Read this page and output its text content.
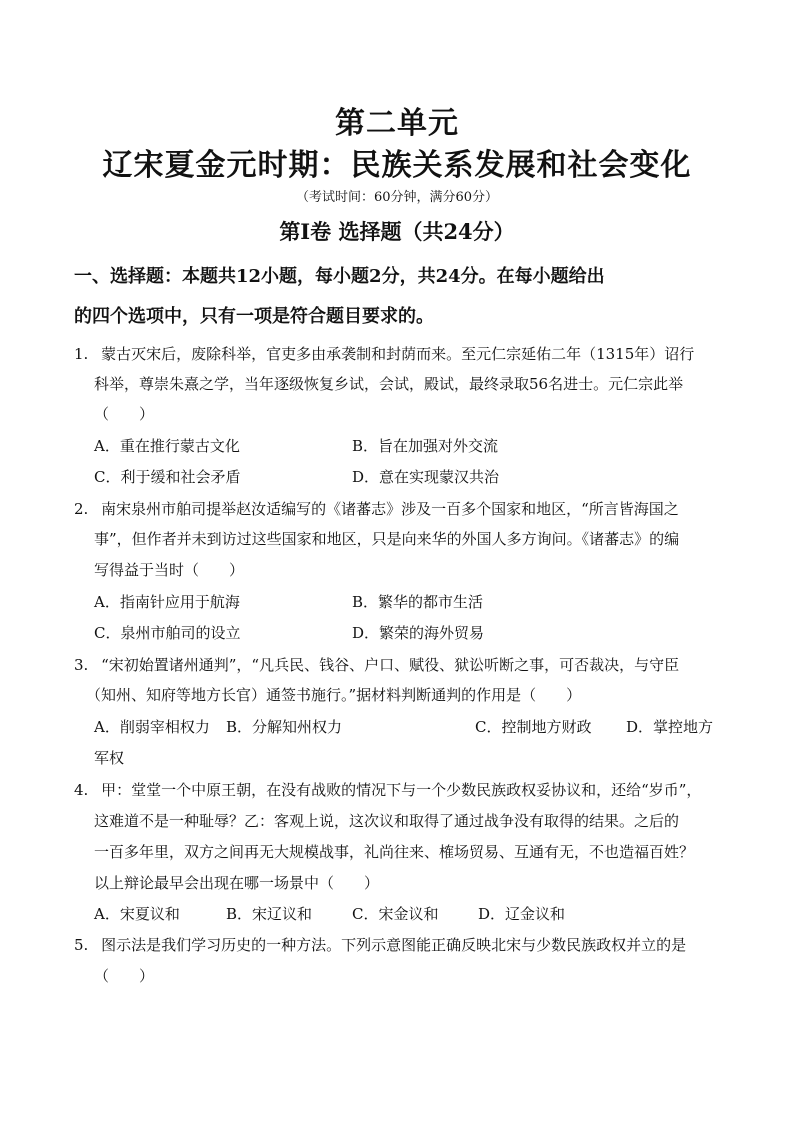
第二单元
辽宋夏金元时期：民族关系发展和社会变化
（考试时间：60分钟，满分60分）
第I卷 选择题（共24分）
一、选择题：本题共12小题，每小题2分，共24分。在每小题给出
的四个选项中，只有一项是符合题目要求的。
1. 蒙古灭宋后，废除科举，官吏多由承袭制和封荫而来。至元仁宗延佑二年（1315年）诏行
科举，尊崇朱熹之学，当年逐级恢复乡试，会试，殿试，最终录取56名进士。元仁宗此举
（　　）
A．重在推行蒙古文化	B．旨在加强对外交流
C．利于缓和社会矛盾	D．意在实现蒙汉共治
2. 南宋泉州市舶司提举赵汝适编写的《诸蕃志》涉及一百多个国家和地区，“所言皆海国之
事”，但作者并未到访过这些国家和地区，只是向来华的外国人多方询问。《诸蕃志》的编
写得益于当时（　　）
A．指南针应用于航海	B．繁华的都市生活
C．泉州市舶司的设立	D．繁荣的海外贸易
3. “宋初始置诸州通判”，“凡兵民、钱谷、户口、赋役、狱讼听断之事，可否裁决，与守臣
（知州、知府等地方长官）通签书施行。”据材料判断通判的作用是（　　）
A．削弱宰相权力 B．分解知州权力	C．控制地方财政 D．掌控地方
军权
4. 甲：堂堂一个中原王朝，在没有战败的情况下与一个少数民族政权妥协议和，还给“岁币”，
这难道不是一种耻辱？乙：客观上说，这次议和取得了通过战争没有取得的结果。之后的
一百多年里，双方之间再无大规模战事，礼尚往来、榷场贸易、互通有无，不也造福百姓？
以上辩论最早会出现在哪一场景中（　　）
A．宋夏议和	B．宋辽议和	C．宋金议和	D．辽金议和
5. 图示法是我们学习历史的一种方法。下列示意图能正确反映北宋与少数民族政权并立的是
（　　）
